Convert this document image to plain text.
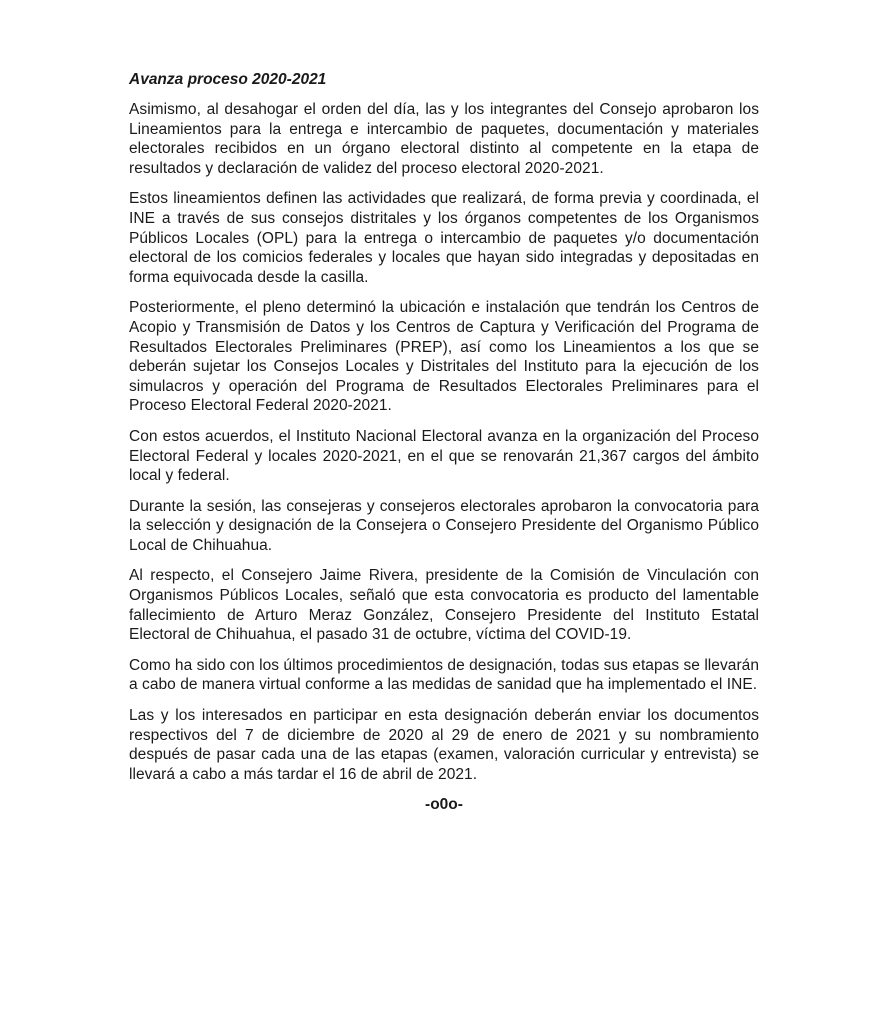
Avanza proceso 2020-2021

Asimismo, al desahogar el orden del día, las y los integrantes del Consejo aprobaron los Lineamientos para la entrega e intercambio de paquetes, documentación y materiales electorales recibidos en un órgano electoral distinto al competente en la etapa de resultados y declaración de validez del proceso electoral 2020-2021.

Estos lineamientos definen las actividades que realizará, de forma previa y coordinada, el INE a través de sus consejos distritales y los órganos competentes de los Organismos Públicos Locales (OPL) para la entrega o intercambio de paquetes y/o documentación electoral de los comicios federales y locales que hayan sido integradas y depositadas en forma equivocada desde la casilla.

Posteriormente, el pleno determinó la ubicación e instalación que tendrán los Centros de Acopio y Transmisión de Datos y los Centros de Captura y Verificación del Programa de Resultados Electorales Preliminares (PREP), así como los Lineamientos a los que se deberán sujetar los Consejos Locales y Distritales del Instituto para la ejecución de los simulacros y operación del Programa de Resultados Electorales Preliminares para el Proceso Electoral Federal 2020-2021.

Con estos acuerdos, el Instituto Nacional Electoral avanza en la organización del Proceso Electoral Federal y locales 2020-2021, en el que se renovarán 21,367 cargos del ámbito local y federal.

Durante la sesión, las consejeras y consejeros electorales aprobaron la convocatoria para la selección y designación de la Consejera o Consejero Presidente del Organismo Público Local de Chihuahua.

Al respecto, el Consejero Jaime Rivera, presidente de la Comisión de Vinculación con Organismos Públicos Locales, señaló que esta convocatoria es producto del lamentable fallecimiento de Arturo Meraz González, Consejero Presidente del Instituto Estatal Electoral de Chihuahua, el pasado 31 de octubre, víctima del COVID-19.

Como ha sido con los últimos procedimientos de designación, todas sus etapas se llevarán a cabo de manera virtual conforme a las medidas de sanidad que ha implementado el INE.

Las y los interesados en participar en esta designación deberán enviar los documentos respectivos del 7 de diciembre de 2020 al 29 de enero de 2021 y su nombramiento después de pasar cada una de las etapas (examen, valoración curricular y entrevista) se llevará a cabo a más tardar el 16 de abril de 2021.

-o0o-
